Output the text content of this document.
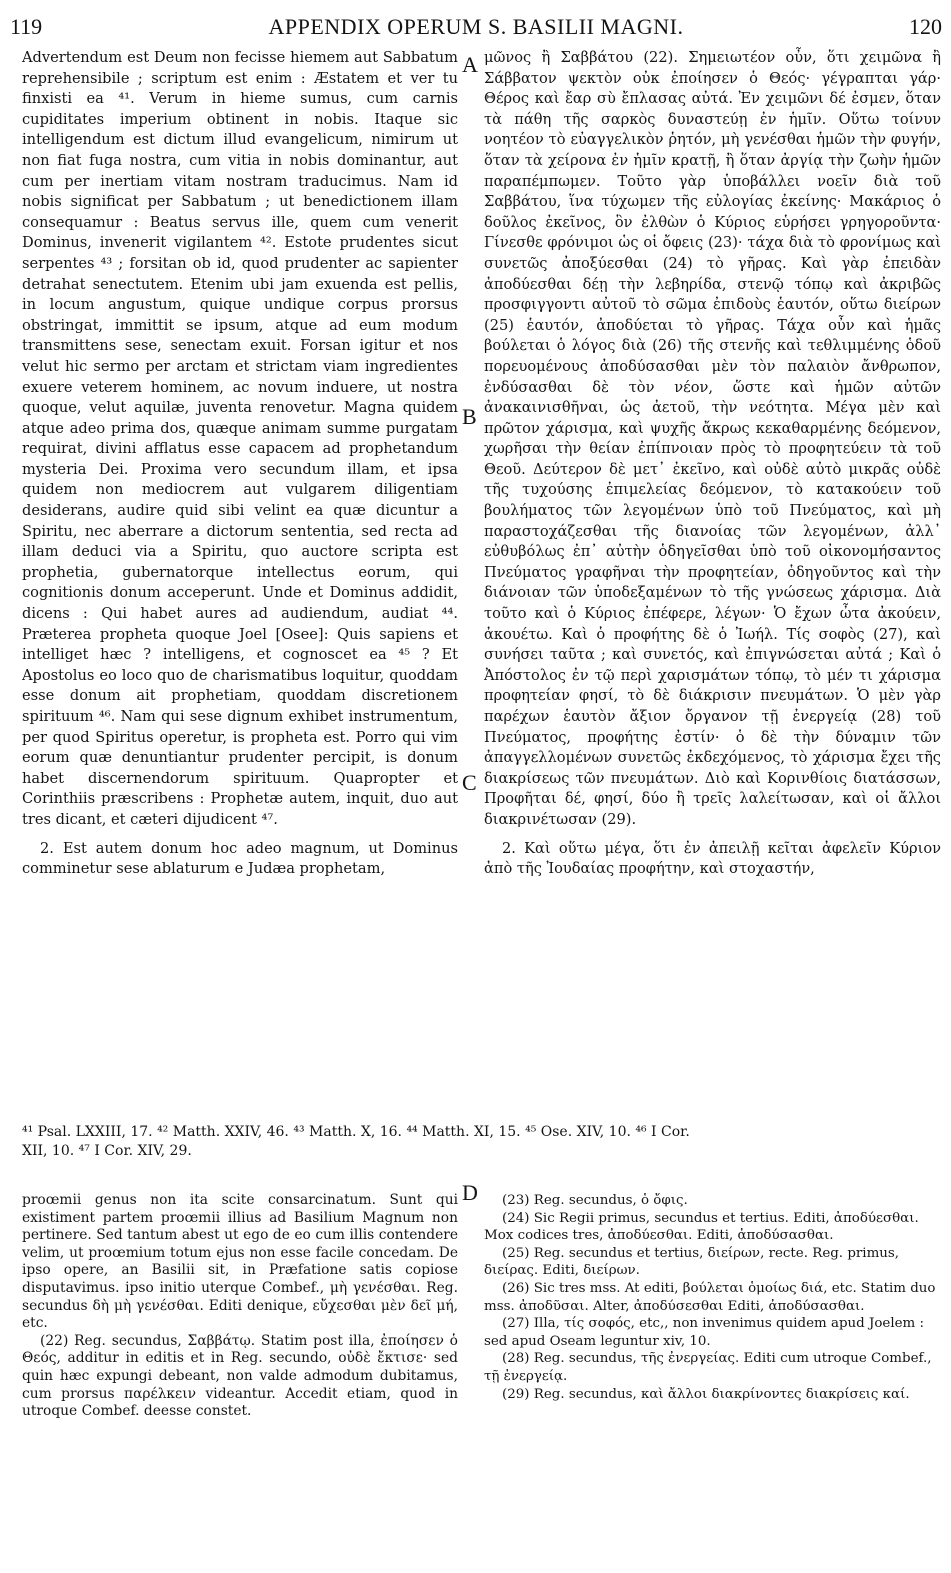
119	APPENDIX OPERUM S. BASILII MAGNI.	120

Advertendum est Deum non fecisse hiemem aut Sabbatum reprehensibile ; scriptum est enim : Æstatem et ver tu finxisti ea ⁴¹. Verum in hieme sumus, cum carnis cupiditates imperium obtinent in nobis. Itaque sic intelligendum est dictum illud evangelicum, nimirum ut non fiat fuga nostra, cum vitia in nobis dominantur, aut cum per inertiam vitam nostram traducimus. Nam id nobis significat per Sabbatum ; ut benedictionem illam consequamur : Beatus servus ille, quem cum venerit Dominus, invenerit vigilantem ⁴². Estote prudentes sicut serpentes ⁴³ ; forsitan ob id, quod prudenter ac sapienter detrahat senectutem. Etenim ubi jam exuenda est pellis, in locum angustum, quique undique corpus prorsus obstringat, immittit se ipsum, atque ad eum modum transmittens sese, senectam exuit. Forsan igitur et nos velut hic sermo per arctam et strictam viam ingredientes exuere veterem hominem, ac novum induere, ut nostra quoque, velut aquilæ, juventa renovetur. Magna quidem atque adeo prima dos, quæque animam summe purgatam requirat, divini afflatus esse capacem ad prophetandum mysteria Dei. Proxima vero secundum illam, et ipsa quidem non mediocrem aut vulgarem diligentiam desiderans, audire quid sibi velint ea quæ dicuntur a Spiritu, nec aberrare a dictorum sententia, sed recta ad illam deduci via a Spiritu, quo auctore scripta est prophetia, gubernatorque intellectus eorum, qui cognitionis donum acceperunt. Unde et Dominus addidit, dicens : Qui habet aures ad audiendum, audiat ⁴⁴. Præterea propheta quoque Joel [Osee]: Quis sapiens et intelliget hæc ? intelligens, et cognoscet ea ⁴⁵ ? Et Apostolus eo loco quo de charismatibus loquitur, quoddam esse donum ait prophetiam, quoddam discretionem spirituum ⁴⁶. Nam qui sese dignum exhibet instrumentum, per quod Spiritus operetur, is propheta est. Porro qui vim eorum quæ denuntiantur prudenter percipit, is donum habet discernendorum spirituum. Quapropter et Corinthiis præscribens : Prophetæ autem, inquit, duo aut tres dicant, et cæteri dijudicent ⁴⁷.

2. Est autem donum hoc adeo magnum, ut Dominus comminetur sese ablaturum e Judæa prophetam,

μῶνος ἢ Σαββάτου (22). Σημειωτέον οὖν, ὅτι χειμῶνα ἢ Σάββατον ψεκτὸν οὐκ ἐποίησεν ὁ Θεός· γέγραπται γάρ· Θέρος καὶ ἔαρ σὺ ἔπλασας αὐτά. Ἐν χειμῶνι δέ ἐσμεν, ὅταν τὰ πάθη τῆς σαρκὸς δυναστεύῃ ἐν ἡμῖν. Οὕτω τοίνυν νοητέον τὸ εὐαγγελικὸν ῥητόν, μὴ γενέσθαι ἡμῶν τὴν φυγήν, ὅταν τὰ χείρονα ἐν ἡμῖν κρατῇ, ἢ ὅταν ἀργίᾳ τὴν ζωὴν ἡμῶν παραπέμπωμεν. Τοῦτο γὰρ ὑποβάλλει νοεῖν διὰ τοῦ Σαββάτου, ἵνα τύχωμεν τῆς εὐλογίας ἐκείνης· Μακάριος ὁ δοῦλος ἐκεῖνος, ὃν ἐλθὼν ὁ Κύριος εὑρήσει γρηγοροῦντα· Γίνεσθε φρόνιμοι ὡς οἱ ὄφεις (23)· τάχα διὰ τὸ φρονίμως καὶ συνετῶς ἀποξύεσθαι (24) τὸ γῆρας. Καὶ γὰρ ἐπειδὰν ἀποδύεσθαι δέῃ τὴν λεβηρίδα, στενῷ τόπῳ καὶ ἀκριβῶς προσφιγγοντι αὐτοῦ τὸ σῶμα ἐπιδοὺς ἑαυτόν, οὕτω διείρων (25) ἑαυτόν, ἀποδύεται τὸ γῆρας. Τάχα οὖν καὶ ἡμᾶς βούλεται ὁ λόγος διὰ (26) τῆς στενῆς καὶ τεθλιμμένης ὁδοῦ πορευομένους ἀποδύσασθαι μὲν τὸν παλαιὸν ἄνθρωπον, ἐνδύσασθαι δὲ τὸν νέον, ὥστε καὶ ἡμῶν αὐτῶν ἀνακαινισθῆναι, ὡς ἀετοῦ, τὴν νεότητα. Μέγα μὲν καὶ πρῶτον χάρισμα, καὶ ψυχῆς ἄκρως κεκαθαρμένης δεόμενον, χωρῆσαι τὴν θείαν ἐπίπνοιαν πρὸς τὸ προφητεύειν τὰ τοῦ Θεοῦ. Δεύτερον δὲ μετ᾽ ἐκεῖνο, καὶ οὐδὲ αὐτὸ μικρᾶς οὐδὲ τῆς τυχούσης ἐπιμελείας δεόμενον, τὸ κατακούειν τοῦ βουλήματος τῶν λεγομένων ὑπὸ τοῦ Πνεύματος, καὶ μὴ παραστοχάζεσθαι τῆς διανοίας τῶν λεγομένων, ἀλλ᾽ εὐθυβόλως ἐπ᾽ αὐτὴν ὁδηγεῖσθαι ὑπὸ τοῦ οἰκονομήσαντος Πνεύματος γραφῆναι τὴν προφητείαν, ὁδηγοῦντος καὶ τὴν διάνοιαν τῶν ὑποδεξαμένων τὸ τῆς γνώσεως χάρισμα. Διὰ τοῦτο καὶ ὁ Κύριος ἐπέφερε, λέγων· Ὁ ἔχων ὦτα ἀκούειν, ἀκουέτω. Καὶ ὁ προφήτης δὲ ὁ Ἰωήλ. Τίς σοφὸς (27), καὶ συνήσει ταῦτα ; καὶ συνετός, καὶ ἐπιγνώσεται αὐτά ; Καὶ ὁ Ἀπόστολος ἐν τῷ περὶ χαρισμάτων τόπῳ, τὸ μέν τι χάρισμα προφητείαν φησί, τὸ δὲ διάκρισιν πνευμάτων. Ὁ μὲν γὰρ παρέχων ἑαυτὸν ἄξιον ὄργανον τῇ ἐνεργείᾳ (28) τοῦ Πνεύματος, προφήτης ἐστίν· ὁ δὲ τὴν δύναμιν τῶν ἀπαγγελλομένων συνετῶς ἐκδεχόμενος, τὸ χάρισμα ἔχει τῆς διακρίσεως τῶν πνευμάτων. Διὸ καὶ Κορινθίοις διατάσσων, Προφῆται δέ, φησί, δύο ἢ τρεῖς λαλείτωσαν, καὶ οἱ ἄλλοι διακρινέτωσαν (29).

2. Καὶ οὕτω μέγα, ὅτι ἐν ἀπειλῇ κεῖται ἀφελεῖν Κύριον ἀπὸ τῆς Ἰουδαίας προφήτην, καὶ στοχαστήν,

A
B
C
D

⁴¹ Psal. LXXIII, 17. ⁴² Matth. XXIV, 46. ⁴³ Matth. X, 16. ⁴⁴ Matth. XI, 15. ⁴⁵ Ose. XIV, 10. ⁴⁶ I Cor.

XII, 10. ⁴⁷ I Cor. XIV, 29.

proœmii genus non ita scite consarcinatum. Sunt qui existiment partem proœmii illius ad Basilium Magnum non pertinere. Sed tantum abest ut ego de eo cum illis contendere velim, ut proœmium totum ejus non esse facile concedam. De ipso opere, an Basilii sit, in Præfatione satis copiose disputavimus. ipso initio uterque Combef., μὴ γενέσθαι. Reg. secundus δὴ μὴ γενέσθαι. Editi denique, εὔχεσθαι μὲν δεῖ μή, etc.

(22) Reg. secundus, Σαββάτῳ. Statim post illa, ἐποίησεν ὁ Θεός, additur in editis et in Reg. secundo, οὐδὲ ἔκτισε· sed quin hæc expungi debeant, non valde admodum dubitamus, cum prorsus παρέλκειν videantur. Accedit etiam, quod in utroque Combef. deesse constet.

(23) Reg. secundus, ὁ ὄφις.

(24) Sic Regii primus, secundus et tertius. Editi, ἀποδύεσθαι. Mox codices tres, ἀποδύεσθαι. Editi, ἀποδύσασθαι.

(25) Reg. secundus et tertius, διείρων, recte. Reg. primus, διείρας. Editi, διείρων.

(26) Sic tres mss. At editi, βούλεται ὁμοίως διά, etc. Statim duo mss. ἀποδῦσαι. Alter, ἀποδύσεσθαι Editi, ἀποδύσασθαι.

(27) Illa, τίς σοφός, etc,, non invenimus quidem apud Joelem : sed apud Oseam leguntur xiv, 10.

(28) Reg. secundus, τῆς ἐνεργείας. Editi cum utroque Combef., τῇ ἐνεργείᾳ.

(29) Reg. secundus, καὶ ἄλλοι διακρίνοντες διακρίσεις καί.
